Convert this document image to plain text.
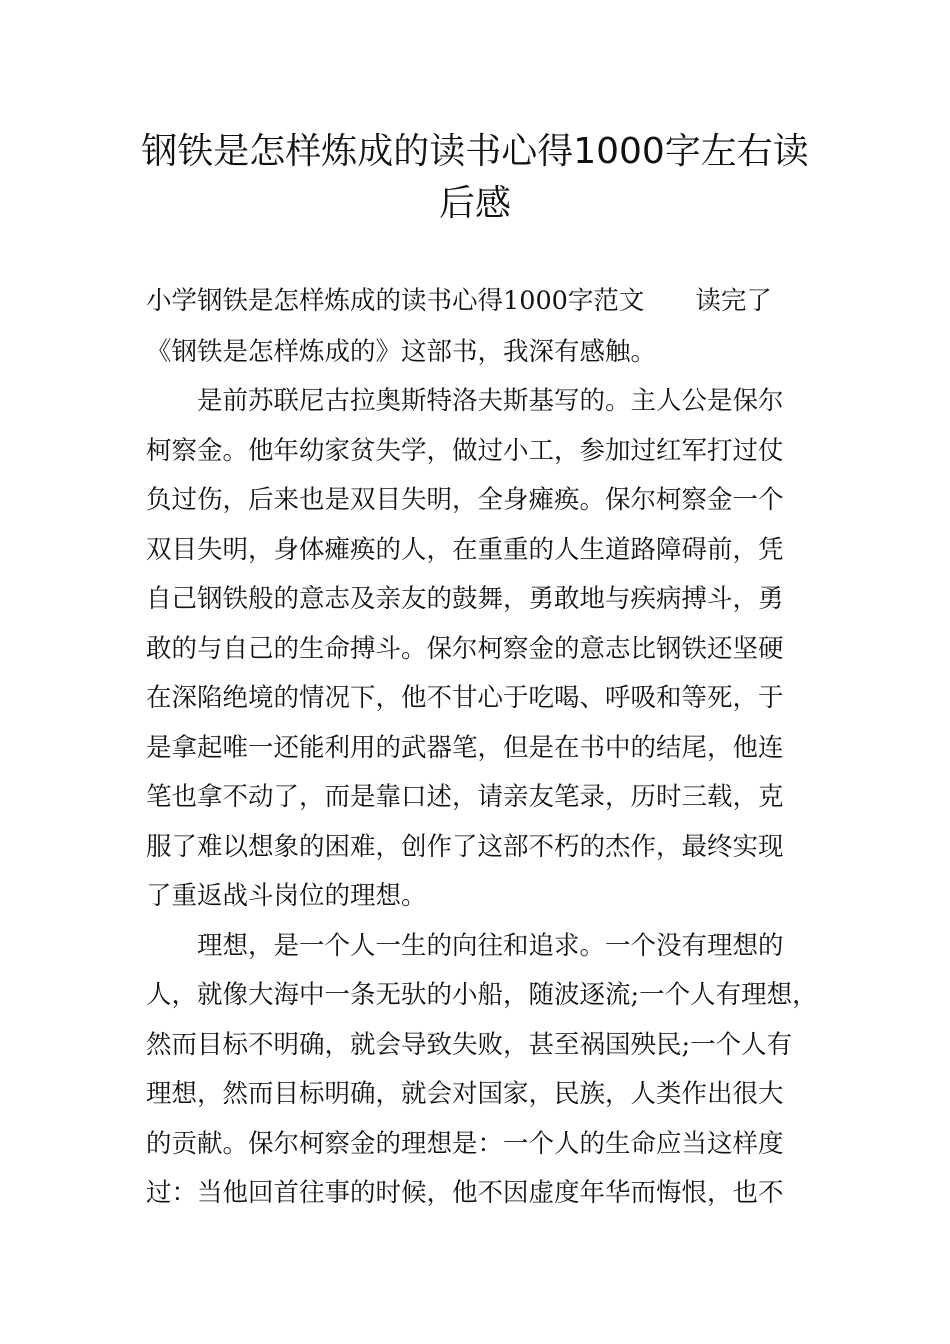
钢铁是怎样炼成的读书心得1000字左右读
后感

小学钢铁是怎样炼成的读书心得1000字范文　　读完了

《钢铁是怎样炼成的》这部书，我深有感触。

是前苏联尼古拉奥斯特洛夫斯基写的。主人公是保尔

柯察金。他年幼家贫失学，做过小工，参加过红军打过仗

负过伤，后来也是双目失明，全身瘫痪。保尔柯察金一个

双目失明，身体瘫痪的人，在重重的人生道路障碍前，凭

自己钢铁般的意志及亲友的鼓舞，勇敢地与疾病搏斗，勇

敢的与自己的生命搏斗。保尔柯察金的意志比钢铁还坚硬

在深陷绝境的情况下，他不甘心于吃喝、呼吸和等死，于

是拿起唯一还能利用的武器笔，但是在书中的结尾，他连

笔也拿不动了，而是靠口述，请亲友笔录，历时三载，克

服了难以想象的困难，创作了这部不朽的杰作，最终实现

了重返战斗岗位的理想。

理想，是一个人一生的向往和追求。一个没有理想的

人，就像大海中一条无驮的小船，随波逐流;一个人有理想，

然而目标不明确，就会导致失败，甚至祸国殃民;一个人有

理想，然而目标明确，就会对国家，民族，人类作出很大

的贡献。保尔柯察金的理想是：一个人的生命应当这样度

过：当他回首往事的时候，他不因虚度年华而悔恨，也不
